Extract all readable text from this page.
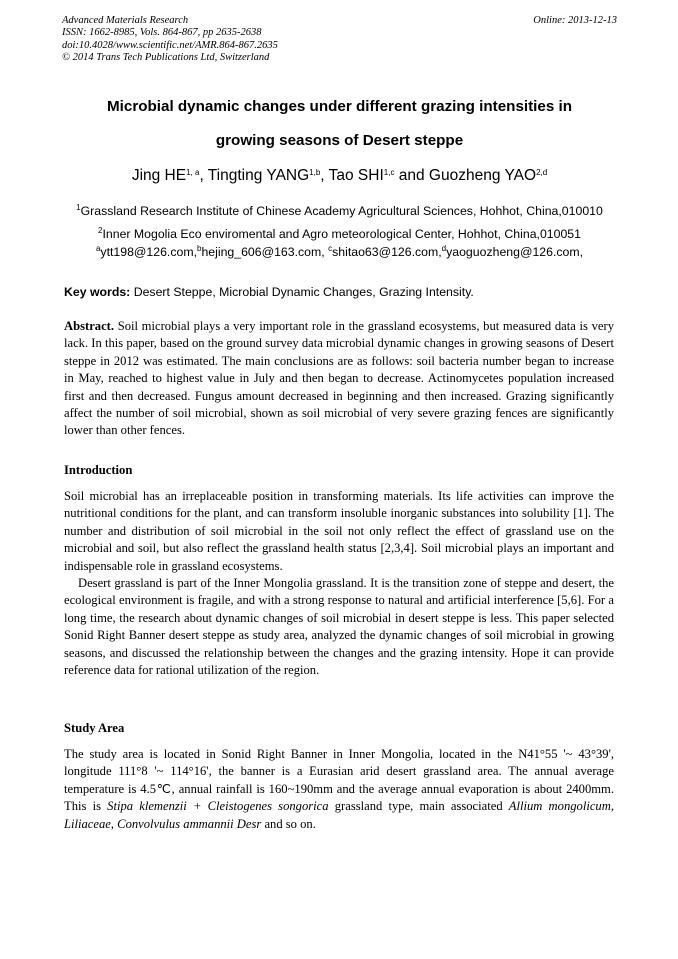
Advanced Materials Research
ISSN: 1662-8985, Vols. 864-867, pp 2635-2638
doi:10.4028/www.scientific.net/AMR.864-867.2635
© 2014 Trans Tech Publications Ltd, Switzerland
Online: 2013-12-13
Microbial dynamic changes under different grazing intensities in
growing seasons of Desert steppe
Jing HE$^{1, a}$, Tingting YANG$^{1,b}$, Tao SHI$^{1,c}$ and Guozheng YAO$^{2,d}$
$^1$Grassland Research Institute of Chinese Academy Agricultural Sciences, Hohhot, China,010010
$^2$Inner Mogolia Eco enviromental and Agro meteorological Center, Hohhot, China,010051
$^a$ytt198@126.com,$^b$hejing_606@163.com, $^c$shitao63@126.com,$^d$yaoguozheng@126.com,
Key words: Desert Steppe, Microbial Dynamic Changes, Grazing Intensity.

Abstract. Soil microbial plays a very important role in the grassland ecosystems, but measured data is very lack. In this paper, based on the ground survey data microbial dynamic changes in growing seasons of Desert steppe in 2012 was estimated. The main conclusions are as follows: soil bacteria number began to increase in May, reached to highest value in July and then began to decrease. Actinomycetes population increased first and then decreased. Fungus amount decreased in beginning and then increased. Grazing significantly affect the number of soil microbial, shown as soil microbial of very severe grazing fences are significantly lower than other fences.

Introduction

Soil microbial has an irreplaceable position in transforming materials. Its life activities can improve the nutritional conditions for the plant, and can transform insoluble inorganic substances into solubility [1]. The number and distribution of soil microbial in the soil not only reflect the effect of grassland use on the microbial and soil, but also reflect the grassland health status [2,3,4]. Soil microbial plays an important and indispensable role in grassland ecosystems.

Desert grassland is part of the Inner Mongolia grassland. It is the transition zone of steppe and desert, the ecological environment is fragile, and with a strong response to natural and artificial interference [5,6]. For a long time, the research about dynamic changes of soil microbial in desert steppe is less. This paper selected Sonid Right Banner desert steppe as study area, analyzed the dynamic changes of soil microbial in growing seasons, and discussed the relationship between the changes and the grazing intensity. Hope it can provide reference data for rational utilization of the region.

Study Area

The study area is located in Sonid Right Banner in Inner Mongolia, located in the N41°55 '~ 43°39', longitude 111°8 '~ 114°16', the banner is a Eurasian arid desert grassland area. The annual average temperature is 4.5℃, annual rainfall is 160~190mm and the average annual evaporation is about 2400mm. This is Stipa klemenzii + Cleistogenes songorica grassland type, main associated Allium mongolicum, Liliaceae, Convolvulus ammannii Desr and so on.
